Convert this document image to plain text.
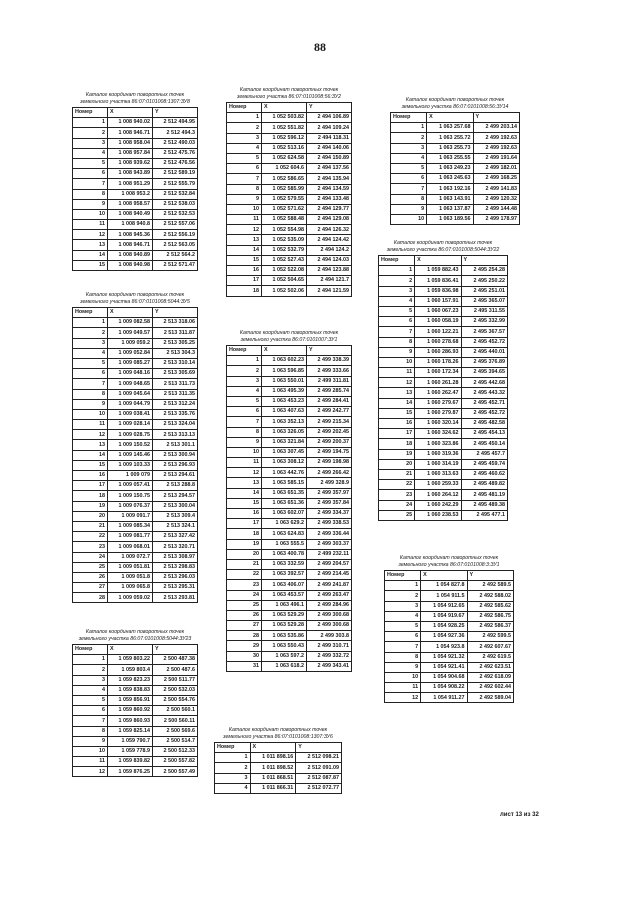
88
Каталог координат поворотных точек
земельного участка 86:07:0101008:1307:ЗУ8
Номер	X	Y
1	1 008 940.02	2 512 494.95
2	1 008 946.71	2 512 494.3
3	1 008 958.04	2 512 490.03
4	1 008 957.84	2 512 475.76
5	1 008 939.62	2 512 476.56
6	1 008 943.89	2 512 589.19
7	1 008 951.29	2 512 555.79
8	1 008 953.2	2 512 532.84
9	1 008 958.57	2 512 538.03
10	1 008 940.49	2 512 532.53
11	1 008 940.8	2 512 557.06
12	1 008 945.36	2 512 556.19
13	1 008 946.71	2 512 563.05
14	1 008 940.89	2 512 564.2
15	1 008 940.98	2 512 571.47
Каталог координат поворотных точек
земельного участка 86:07:0101008:5044:ЗУ5
Номер	X	Y
1	1 009 082.58	2 513 318.06
2	1 009 049.57	2 513 311.87
3	1 009 059.2	2 513 305.25
4	1 009 052.84	2 513 304.3
5	1 009 085.27	2 513 310.14
6	1 009 048.16	2 513 305.69
7	1 009 048.65	2 513 311.73
8	1 009 045.64	2 513 311.35
9	1 009 044.79	2 513 312.24
10	1 009 038.41	2 513 335.76
11	1 009 028.14	2 513 324.04
12	1 009 028.75	2 513 313.13
13	1 009 150.52	2 513 301.1
14	1 009 145.46	2 513 300.94
15	1 009 103.33	2 513 296.93
16	1 009 079	2 513 294.61
17	1 009 057.41	2 513 288.8
18	1 009 150.75	2 513 294.57
19	1 009 076.37	2 513 300.04
20	1 009 091.7	2 513 309.4
21	1 009 085.34	2 513 324.1
22	1 009 081.77	2 513 327.42
23	1 009 068.01	2 513 320.71
24	1 009 072.7	2 513 308.97
25	1 009 051.81	2 513 298.83
26	1 009 051.8	2 513 296.03
27	1 009 065.8	2 513 295.31
28	1 009 059.02	2 513 293.81
Каталог координат поворотных точек
земельного участка 86:07:0101008:5044:ЗУ23
Номер	X	Y
1	1 059 803.22	2 500 487.38
2	1 059 803.4	2 500 487.6
3	1 059 823.23	2 500 511.77
4	1 059 838.83	2 500 532.03
5	1 059 856.91	2 500 554.76
6	1 059 860.92	2 500 560.1
7	1 059 860.93	2 500 560.11
8	1 059 825.14	2 500 569.6
9	1 059 790.7	2 500 514.7
10	1 059 778.9	2 500 512.33
11	1 059 839.82	2 500 557.82
12	1 059 876.25	2 500 557.49
Каталог координат поворотных точек
земельного участка 86:07:0101008:56:ЗУ2
Номер	X	Y
1	1 052 503.82	2 494 106.89
2	1 052 551.82	2 494 109.24
3	1 052 596.12	2 494 118.31
4	1 052 513.16	2 494 140.06
5	1 052 624.58	2 494 150.89
6	1 052 604.6	2 494 137.56
7	1 052 586.65	2 494 135.94
8	1 052 585.99	2 494 134.59
9	1 052 579.55	2 494 133.48
10	1 052 571.62	2 494 129.77
11	1 052 588.48	2 494 129.08
12	1 052 554.98	2 494 126.32
13	1 052 535.09	2 494 124.42
14	1 052 532.79	2 494 124.2
15	1 052 527.43	2 494 124.03
16	1 052 522.08	2 494 123.88
17	1 052 504.65	2 494 121.7
18	1 052 502.06	2 494 121.59
Каталог координат поворотных точек
земельного участка 86:07:0101007:ЗУ1
Номер	X	Y
1	1 063 602.23	2 499 338.39
2	1 063 596.85	2 499 333.66
3	1 063 550.01	2 499 311.81
4	1 063 495.39	2 499 285.74
5	1 063 453.23	2 499 284.41
6	1 063 407.63	2 499 242.77
7	1 063 352.13	2 499 215.34
8	1 063 326.05	2 499 202.45
9	1 063 321.84	2 499 200.37
10	1 063 307.45	2 499 194.75
11	1 063 308.12	2 499 198.98
12	1 063 442.76	2 499 266.42
13	1 063 585.15	2 499 328.9
14	1 063 651.35	2 499 357.97
15	1 063 651.36	2 499 357.84
16	1 063 602.07	2 499 334.37
17	1 063 629.2	2 499 338.53
18	1 063 624.83	2 499 336.44
19	1 063 555.5	2 499 303.37
20	1 063 400.78	2 499 232.11
21	1 063 332.59	2 499 204.57
22	1 063 392.57	2 499 214.45
23	1 063 406.07	2 499 241.87
24	1 063 453.57	2 499 263.47
25	1 063 496.1	2 499 284.96
26	1 063 529.29	2 499 300.68
27	1 063 529.28	2 499 300.68
28	1 063 535.86	2 499 303.8
29	1 063 550.43	2 499 310.71
30	1 063 597.2	2 499 332.72
31	1 063 618.2	2 499 343.41
Каталог координат поворотных точек
земельного участка 86:07:0101008:1307:ЗУ6
Номер	X	Y
1	1 011 898.16	2 512 098.21
2	1 011 898.52	2 512 091.09
3	1 011 868.51	2 512 087.87
4	1 011 866.31	2 512 072.77
Каталог координат поворотных точек
земельного участка 86:07:0101008:56:ЗУ14
Номер	X	Y
1	1 063 257.68	2 499 203.14
2	1 063 255.72	2 499 192.63
3	1 063 255.73	2 499 192.63
4	1 063 255.55	2 499 191.64
5	1 063 249.23	2 499 182.01
6	1 063 245.63	2 499 168.25
7	1 063 192.16	2 499 141.83
8	1 063 143.91	2 499 120.32
9	1 063 137.87	2 499 144.48
10	1 063 189.56	2 499 178.97
Каталог координат поворотных точек
земельного участка 86:07:0101008:5044:ЗУ22
Номер	X	Y
1	1 059 882.43	2 495 254.28
2	1 059 836.41	2 495 250.22
3	1 059 836.98	2 495 251.01
4	1 060 157.91	2 495 365.07
5	1 060 067.23	2 495 311.55
6	1 060 058.19	2 495 332.99
7	1 060 122.21	2 495 367.57
8	1 060 278.68	2 495 452.72
9	1 060 286.93	2 495 440.01
10	1 060 178.26	2 495 376.89
11	1 060 172.34	2 495 394.65
12	1 060 261.28	2 495 442.68
13	1 060 262.47	2 495 443.32
14	1 060 279.67	2 495 452.71
15	1 060 279.87	2 495 452.72
16	1 060 320.14	2 495 482.58
17	1 060 324.62	2 495 454.13
18	1 060 323.86	2 495 450.14
19	1 060 319.36	2 495 457.7
20	1 060 314.19	2 495 459.74
21	1 060 313.63	2 495 460.62
22	1 060 259.33	2 495 489.82
23	1 060 264.12	2 495 481.19
24	1 060 242.29	2 495 489.38
25	1 060 238.53	2 495 477.1
Каталог координат поворотных точек
земельного участка 86:07:0101008:3:ЗУ1
Номер	X	Y
1	1 054 827.8	2 492 589.5
2	1 054 911.5	2 492 588.02
3	1 054 912.65	2 492 585.62
4	1 054 919.67	2 492 586.75
5	1 054 928.25	2 492 586.37
6	1 054 927.36	2 492 599.5
7	1 054 923.8	2 492 607.67
8	1 054 921.32	2 492 619.5
9	1 054 921.41	2 492 623.51
10	1 054 904.68	2 492 618.09
11	1 054 908.22	2 492 602.44
12	1 054 911.27	2 492 589.04
лист 13 из 32
